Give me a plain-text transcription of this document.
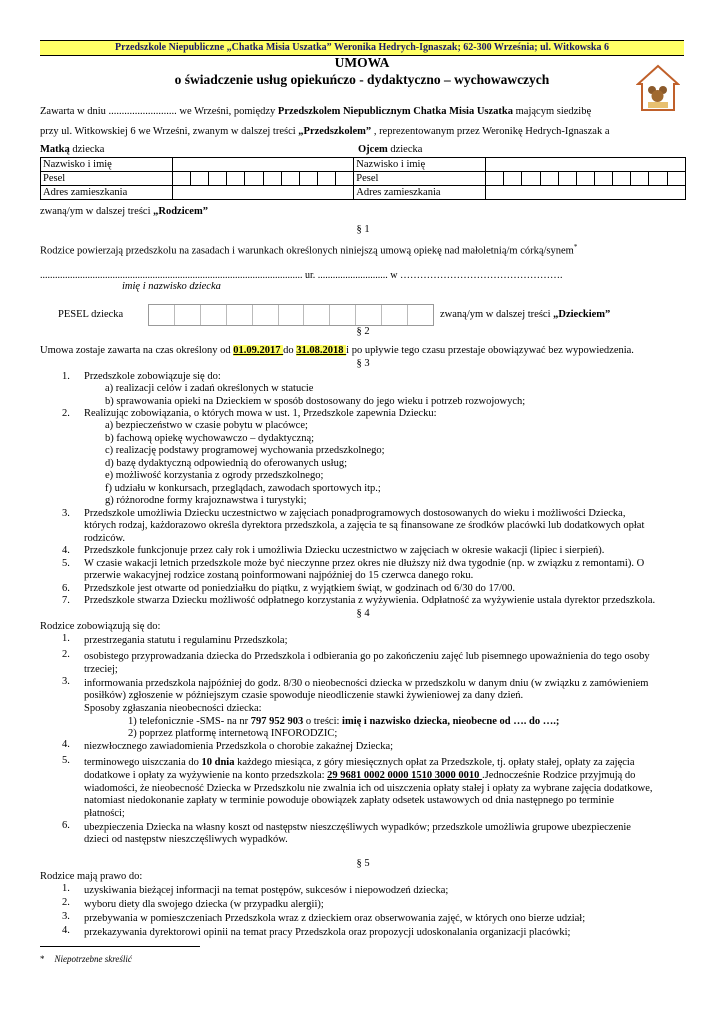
Przedszkole Niepubliczne „Chatka Misia Uszatka” Weronika Hedrych-Ignaszak; 62-300 Września; ul. Witkowska 6
UMOWA
o świadczenie usług opiekuńczo - dydaktyczno – wychowawczych
Zawarta w dniu .......................... we Wrześni, pomiędzy Przedszkolem Niepublicznym Chatka Misia Uszatka mającym siedzibę
przy ul. Witkowskiej 6 we Wrześni, zwanym w dalszej treści „Przedszkolem” , reprezentowanym przez Weronikę Hedrych-Ignaszak a
Matką dziecka	Ojcem dziecka
Nazwisko i imię											Nazwisko i imię											
Pesel											Pesel											
Adres zamieszkania											Adres zamieszkania											
zwaną/ym w dalszej treści „Rodzicem”
§ 1
Rodzice powierzają przedszkolu na zasadach i warunkach określonych niniejszą umową opiekę nad małoletnią/m córką/synem*
......................................................................................................... ur. ............................ w ………………………………………….
imię i nazwisko dziecka
PESEL dziecka	zwaną/ym w dalszej treści „Dzieckiem”
§ 2
Umowa zostaje zawarta na czas określony od 01.09.2017 do 31.08.2018 i po upływie tego czasu przestaje obowiązywać bez wypowiedzenia.
§ 3
1.	Przedszkole zobowiązuje się do:
a) realizacji celów i zadań określonych w statucie
b) sprawowania opieki na Dzieckiem w sposób dostosowany do jego wieku i potrzeb rozwojowych;
2.	Realizując zobowiązania, o których mowa w ust. 1, Przedszkole zapewnia Dziecku:
a) bezpieczeństwo w czasie pobytu w placówce;
b) fachową opiekę wychowawczo – dydaktyczną;
c) realizację podstawy programowej wychowania przedszkolnego;
d) bazę dydaktyczną odpowiednią do oferowanych usług;
e) możliwość korzystania z ogrody przedszkolnego;
f) udziału w konkursach, przeglądach, zawodach sportowych itp.;
g) różnorodne formy krajoznawstwa i turystyki;
3.	Przedszkole umożliwia Dziecku uczestnictwo w zajęciach ponadprogramowych dostosowanych do wieku i możliwości Dziecka,
których rodzaj, każdorazowo określa dyrektora przedszkola, a zajęcia te są finansowane ze środków placówki lub dodatkowych opłat
rodziców.
4.	Przedszkole funkcjonuje przez cały rok i umożliwia Dziecku uczestnictwo w zajęciach w okresie wakacji (lipiec i sierpień).
5.	W czasie wakacji letnich przedszkole może być nieczynne przez okres nie dłuższy niż dwa tygodnie (np. w związku z remontami). O
przerwie wakacyjnej rodzice zostaną poinformowani najpóźniej do 15 czerwca danego roku.
6.	Przedszkole jest otwarte od poniedziałku do piątku, z wyjątkiem świąt, w godzinach od 6/30 do 17/00.
7.	Przedszkole stwarza Dziecku możliwość odpłatnego korzystania z wyżywienia. Odpłatność za wyżywienie ustala dyrektor przedszkola.
§ 4
Rodzice zobowiązują się do:
1.	przestrzegania statutu i regulaminu Przedszkola;
2.	osobistego przyprowadzania dziecka do Przedszkola i odbierania go po zakończeniu zajęć lub pisemnego upoważnienia do tego osoby
trzeciej;
3.	informowania przedszkola najpóźniej do godz. 8/30 o nieobecności dziecka w przedszkolu w danym dniu (w związku z zamówieniem
posiłków) zgłoszenie w późniejszym czasie spowoduje nieodliczenie stawki żywieniowej za dany dzień.
Sposoby zgłaszania nieobecności dziecka:
1) telefonicznie -SMS- na nr 797 952 903 o treści: imię i nazwisko dziecka, nieobecne od …. do ….;
2) poprzez platformę internetową INFORODZIC;
4.	niezwłocznego zawiadomienia Przedszkola o chorobie zakaźnej Dziecka;
5.	terminowego uiszczania do 10 dnia każdego miesiąca, z góry miesięcznych opłat za Przedszkole, tj. opłaty stałej, opłaty za zajęcia
dodatkowe i opłaty za wyżywienie na konto przedszkola: 29 9681 0002 0000 1510 3000 0010 .Jednocześnie Rodzice przyjmują do
wiadomości, że nieobecność Dziecka w Przedszkolu nie zwalnia ich od uiszczenia opłaty stałej i opłaty za wybrane zajęcia dodatkowe,
natomiast niedokonanie zapłaty w terminie powoduje obowiązek zapłaty odsetek ustawowych od dnia następnego po terminie
płatności;
6.	ubezpieczenia Dziecka na własny koszt od następstw nieszczęśliwych wypadków; przedszkole umożliwia grupowe ubezpieczenie
dzieci od następstw nieszczęśliwych wypadków.
§ 5
Rodzice mają prawo do:
1.	uzyskiwania bieżącej informacji na temat postępów, sukcesów i niepowodzeń dziecka;
2.	wyboru diety dla swojego dziecka (w przypadku alergii);
3.	przebywania w pomieszczeniach Przedszkola wraz z dzieckiem oraz obserwowania zajęć, w których ono bierze udział;
4.	przekazywania dyrektorowi opinii na temat pracy Przedszkola oraz propozycji udoskonalania organizacji placówki;
* Niepotrzebne skreślić
